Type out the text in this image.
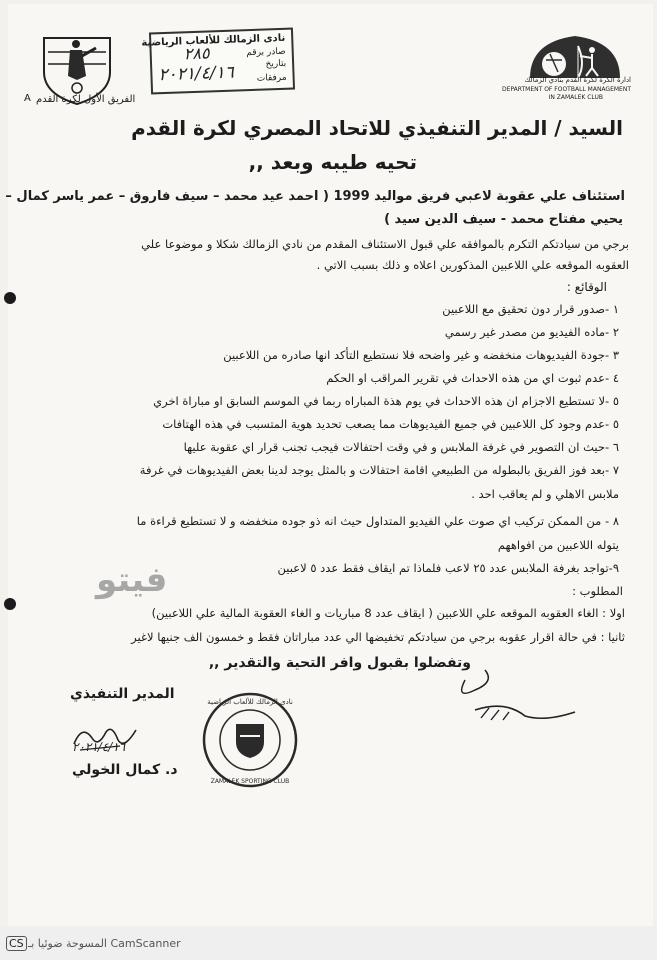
A الفريق الأول لكرة القدم
نادى الزمالك للألعاب الرياضية
صادر برقم
٢٨٥
بتاريخ
٢٠٢١/٤/١٦ مرفقات	ادارة الكرة لكرة القدم بنادي الزمالك
DEPARTMENT OF FOOTBALL MANAGEMENT
IN ZAMALEK CLUB
السيد / المدير التنفيذي للاتحاد المصري لكرة القدم
تحيه طيبه وبعد ,,
استئناف علي عقوبة لاعبي فريق مواليد 1999 ( احمد عيد محمد – سيف فاروق – عمر ياسر كمال –
يحيي مفتاح محمد - سيف الدين سيد )
برجي من سيادتكم التكرم بالموافقه علي قبول الاستئناف المقدم من نادي الزمالك شكلا و موضوعا علي
العقوبه الموقعه علي اللاعبين المذكورين اعلاه و ذلك بسبب الاتي .
الوقائع :
١ -صدور قرار دون تحقيق مع اللاعبين
٢ -ماده الفيديو من مصدر غير رسمي
٣ -جودة الفيديوهات منخفضه و غير واضحه فلا نستطيع التأكد انها صادره من اللاعبين
٤ -عدم ثبوت اي من هذه الاحداث في تقرير المراقب او الحكم
٥ -لا تستطيع الاجزام ان هذه الاحداث في يوم هذة المباراه ربما في الموسم السابق او مباراة اخري
٥ -عدم وجود كل اللاعبين في جميع الفيديوهات مما يصعب تحديد هوية المتسبب في هذه الهتافات
٦ -حيث ان التصوير في غرفة الملابس و في وقت احتفالات فيجب تجنب قرار اي عقوبة عليها
٧ -بعد فوز الفريق بالبطوله من الطبيعي اقامة احتفالات و بالمثل يوجد لدينا بعض الفيديوهات في غرفة
ملابس الاهلي و لم يعاقب احد .
٨ - من الممكن تركيب اي صوت علي الفيديو المتداول حيث انه ذو جوده منخفضه و لا تستطيع قراءة ما
يتوله اللاعبين من افواههم
٩-تواجد بغرفة الملابس عدد ٢٥ لاعب فلماذا تم ايقاف فقط عدد ٥ لاعبين
فيتو	المطلوب :
اولا : الغاء العقوبه الموقعه علي اللاعبين ( ايقاف عدد 8 مباريات و الغاء العقوبة المالية علي اللاعبين)
ثانيا : في حالة اقرار عقوبه برجي من سيادتكم تخفيضها الي عدد مباراتان فقط و خمسون الف جنيها لاغير
وتفضلوا بقبول وافر التحية والتقدير ,,
المدير التنفيذي
٢٠٢١/٤/١٦
د. كمال الخولي
نادى الزمالك للألعاب الرياضية
ZAMALEK SPORTING CLUB
CS CamScanner المسوحة ضوئيا بـ
